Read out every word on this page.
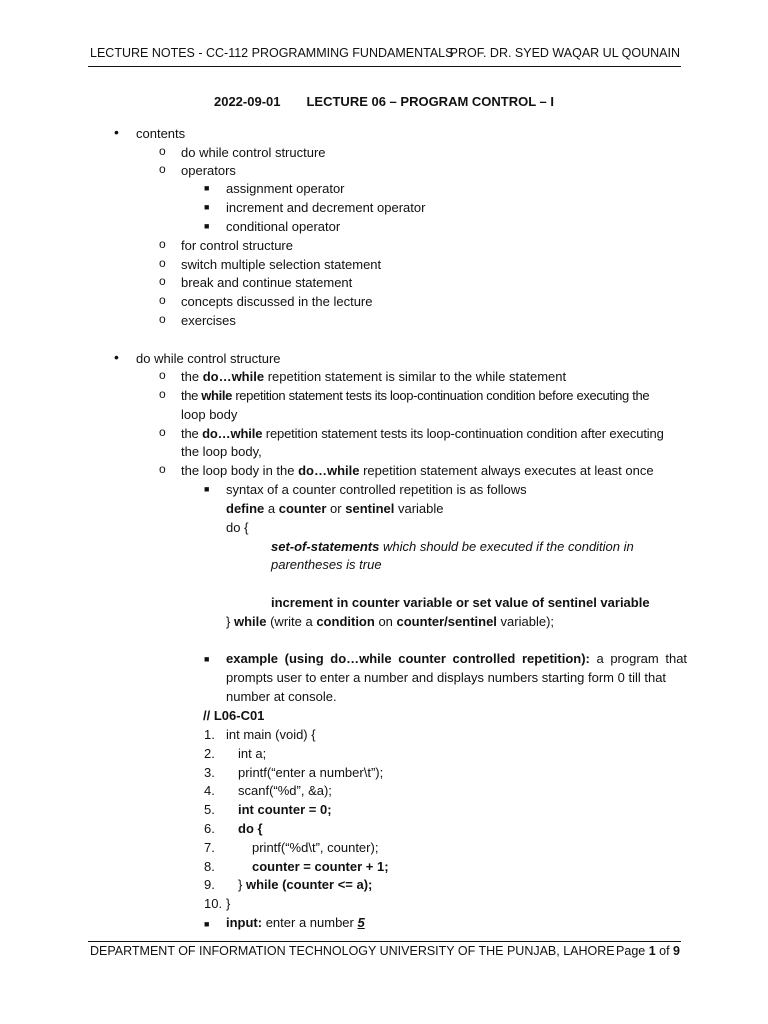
LECTURE NOTES - CC-112 PROGRAMMING FUNDAMENTALS
PROF. DR. SYED WAQAR UL QOUNAIN
2022-09-01 LECTURE 06 – PROGRAM CONTROL – I
• contents
o do while control structure
o operators
■ assignment operator
■ increment and decrement operator
■ conditional operator
o for control structure
o switch multiple selection statement
o break and continue statement
o concepts discussed in the lecture
o exercises
• do while control structure
o the do…while repetition statement is similar to the while statement
o the while repetition statement tests its loop-continuation condition before executing the
loop body
o the do…while repetition statement tests its loop-continuation condition after executing
the loop body,
o the loop body in the do…while repetition statement always executes at least once
■ syntax of a counter controlled repetition is as follows
define a counter or sentinel variable
do {
set-of-statements which should be executed if the condition in
parentheses is true
increment in counter variable or set value of sentinel variable
} while (write a condition on counter/sentinel variable);
■ example (using do…while counter controlled repetition): a program that
prompts user to enter a number and displays numbers starting form 0 till that
number at console.
// L06-C01
1. int main (void) {
2. int a;
3. printf(“enter a number\t”);
4. scanf(“%d”, &a);
5. int counter = 0;
6. do {
7.	printf(“%d\t”, counter);
8.	counter = counter + 1;
9. } while (counter <= a);
10. }
■ input: enter a number 5
DEPARTMENT OF INFORMATION TECHNOLOGY UNIVERSITY OF THE PUNJAB, LAHORE Page 1 of 9
